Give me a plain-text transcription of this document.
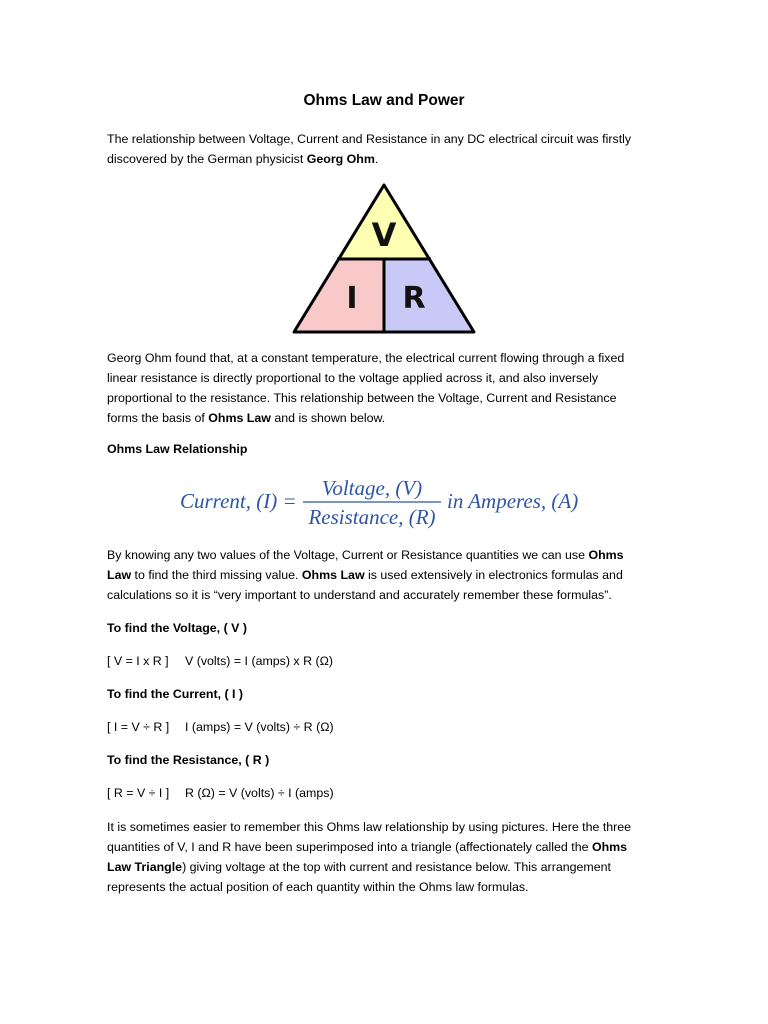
Ohms Law and Power

The relationship between Voltage, Current and Resistance in any DC electrical circuit was firstly
discovered by the German physicist Georg Ohm.

V
I R

Georg Ohm found that, at a constant temperature, the electrical current flowing through a fixed
linear resistance is directly proportional to the voltage applied across it, and also inversely
proportional to the resistance. This relationship between the Voltage, Current and Resistance
forms the basis of Ohms Law and is shown below.

Ohms Law Relationship

Current, (I) =
Voltage, (V)
Resistance, (R)
in Amperes, (A)

By knowing any two values of the Voltage, Current or Resistance quantities we can use Ohms
Law to find the third missing value. Ohms Law is used extensively in electronics formulas and
calculations so it is “very important to understand and accurately remember these formulas”.

To find the Voltage, ( V )

[ V = I x R ] V (volts) = I (amps) x R (Ω)

To find the Current, ( I )

[ I = V ÷ R ] I (amps) = V (volts) ÷ R (Ω)

To find the Resistance, ( R )

[ R = V ÷ I ] R (Ω) = V (volts) ÷ I (amps)

It is sometimes easier to remember this Ohms law relationship by using pictures. Here the three
quantities of V, I and R have been superimposed into a triangle (affectionately called the Ohms
Law Triangle) giving voltage at the top with current and resistance below. This arrangement
represents the actual position of each quantity within the Ohms law formulas.
